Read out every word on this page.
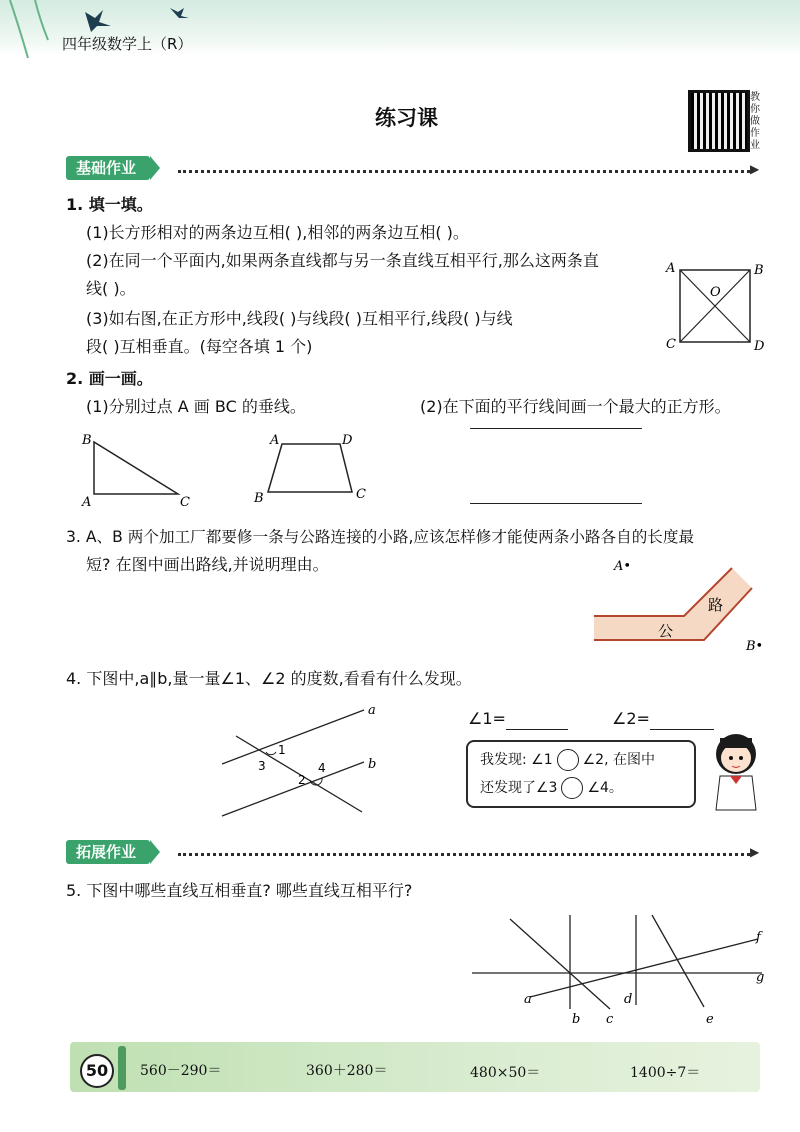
四年级数学上（R）
教
你
做
作
业
练习课
基础作业	▶
1. 填一填。
(1)长方形相对的两条边互相( ),相邻的两条边互相( )。
(2)在同一个平面内,如果两条直线都与另一条直线互相平行,那么这两条直
线( )。
(3)如右图,在正方形中,线段( )与线段( )互相平行,线段( )与线
段( )互相垂直。(每空各填 1 个)
A	B
C	D
O
2. 画一画。
(1)分别过点 A 画 BC 的垂线。	(2)在下面的平行线间画一个最大的正方形。
B
A	C
A	D
B	C
3. A、B 两个加工厂都要修一条与公路连接的小路,应该怎样修才能使两条小路各自的长度最
短? 在图中画出路线,并说明理由。
公
路
A•
B•
4. 下图中,a∥b,量一量∠1、∠2 的度数,看看有什么发现。
a
b
1
2
3	4
∠1=	∠2=
我发现: ∠1 ∠2, 在图中
还发现了∠3 ∠4。
拓展作业	▶
5. 下图中哪些直线互相垂直? 哪些直线互相平行?
a
b c
d
e
f
g
50	560－290＝	360＋280＝	480×50＝	1400÷7＝
